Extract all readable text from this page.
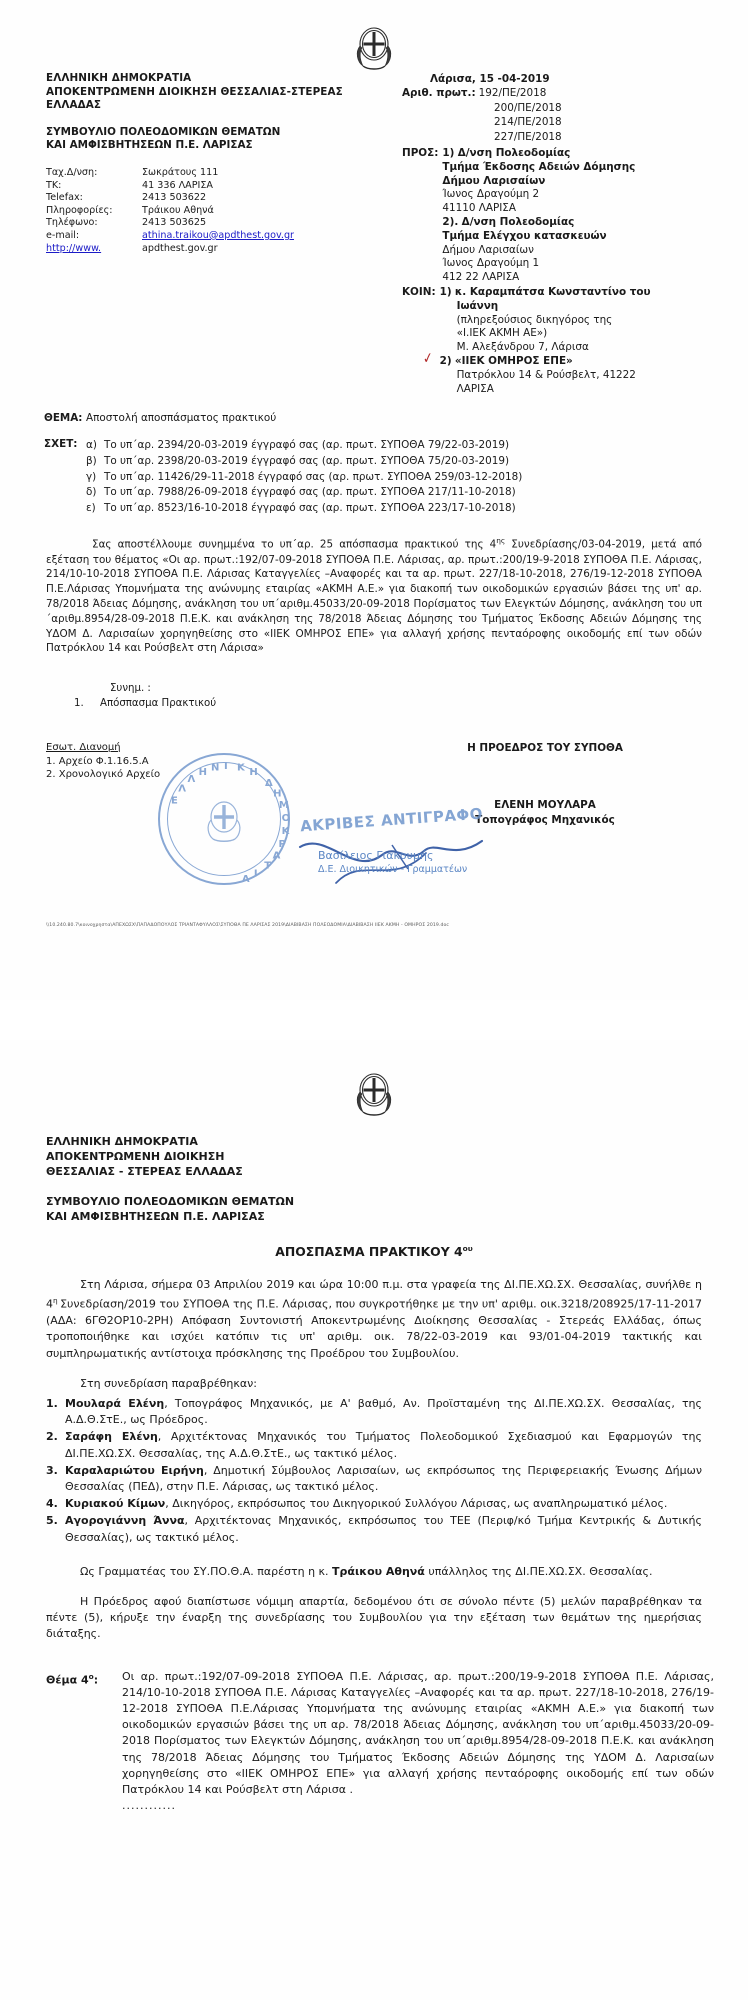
ΕΛΛΗΝΙΚΗ ΔΗΜΟΚΡΑΤΙΑ
ΑΠΟΚΕΝΤΡΩΜΕΝΗ ΔΙΟΙΚΗΣΗ ΘΕΣΣΑΛΙΑΣ-ΣΤΕΡΕΑΣ
ΕΛΛΑΔΑΣ
ΣΥΜΒΟΥΛΙΟ ΠΟΛΕΟΔΟΜΙΚΩΝ ΘΕΜΑΤΩΝ
ΚΑΙ ΑΜΦΙΣΒΗΤΗΣΕΩΝ Π.Ε. ΛΑΡΙΣΑΣ
Ταχ.Δ/νση:	Σωκράτους 111
ΤΚ:	41 336 ΛΑΡΙΣΑ
Telefax:	2413 503622
Πληροφορίες:	Τράικου Αθηνά
Τηλέφωνο:	2413 503625
e-mail:	athina.traikou@apdthest.gov.gr
http://www.	apdthest.gov.gr
Λάρισα, 15 -04-2019
Αριθ. πρωτ.: 192/ΠΕ/2018
200/ΠΕ/2018
214/ΠΕ/2018
227/ΠΕ/2018
ΠΡΟΣ: 1) Δ/νση Πολεοδομίας
Τμήμα Έκδοσης Αδειών Δόμησης
Δήμου Λαρισαίων
Ίωνος Δραγούμη 2
41110 ΛΑΡΙΣΑ
2). Δ/νση Πολεοδομίας
Τμήμα Ελέγχου κατασκευών
Δήμου Λαρισαίων
Ίωνος Δραγούμη 1
412 22 ΛΑΡΙΣΑ
ΚΟΙΝ: 1) κ. Καραμπάτσα Κωνσταντίνο του
Ιωάννη
(πληρεξούσιος δικηγόρος της
«Ι.ΙΕΚ ΑΚΜΗ ΑΕ»)
Μ. Αλεξάνδρου 7, Λάρισα
✓ 2) «ΙΙΕΚ ΟΜΗΡΟΣ ΕΠΕ»
Πατρόκλου 14 & Ρούσβελτ, 41222
ΛΑΡΙΣΑ
ΘΕΜΑ: Αποστολή αποσπάσματος πρακτικού
ΣΧΕΤ: α) Το υπ´αρ. 2394/20-03-2019 έγγραφό σας (αρ. πρωτ. ΣΥΠΟΘΑ 79/22-03-2019)
β) Το υπ´αρ. 2398/20-03-2019 έγγραφό σας (αρ. πρωτ. ΣΥΠΟΘΑ 75/20-03-2019)
γ) Το υπ´αρ. 11426/29-11-2018 έγγραφό σας (αρ. πρωτ. ΣΥΠΟΘΑ 259/03-12-2018)
δ) Το υπ´αρ. 7988/26-09-2018 έγγραφό σας (αρ. πρωτ. ΣΥΠΟΘΑ 217/11-10-2018)
ε) Το υπ´αρ. 8523/16-10-2018 έγγραφό σας (αρ. πρωτ. ΣΥΠΟΘΑ 223/17-10-2018)
Σας αποστέλλουμε συνημμένα το υπ´αρ. 25 απόσπασμα πρακτικού της $4^{\eta\varsigma}$ Συνεδρίασης/03-04-2019, μετά από εξέταση του θέματος «Οι αρ. πρωτ.:192/07-09-2018 ΣΥΠΟΘΑ Π.Ε. Λάρισας, αρ. πρωτ.:200/19-9-2018 ΣΥΠΟΘΑ Π.Ε. Λάρισας, 214/10-10-2018 ΣΥΠΟΘΑ Π.Ε. Λάρισας Καταγγελίες –Αναφορές και τα αρ. πρωτ. 227/18-10-2018, 276/19-12-2018 ΣΥΠΟΘΑ Π.Ε.Λάρισας Υπομνήματα της ανώνυμης εταιρίας «ΑΚΜΗ Α.Ε.» για διακοπή των οικοδομικών εργασιών βάσει της υπ' αρ. 78/2018 Άδειας Δόμησης, ανάκληση του υπ´αριθμ.45033/20-09-2018 Πορίσματος των Ελεγκτών Δόμησης, ανάκληση του υπ´αριθμ.8954/28-09-2018 Π.Ε.Κ. και ανάκληση της 78/2018 Άδειας Δόμησης του Τμήματος Έκδοσης Αδειών Δόμησης της ΥΔΟΜ Δ. Λαρισαίων χορηγηθείσης στο «ΙΙΕΚ ΟΜΗΡΟΣ ΕΠΕ» για αλλαγή χρήσης πενταόροφης οικοδομής επί των οδών Πατρόκλου 14 και Ρούσβελτ στη Λάρισα»
Συνημ. :
1.	Απόσπασμα Πρακτικού
Εσωτ. Διανομή
1. Αρχείο Φ.1.16.5.Α
2. Χρονολογικό Αρχείο
Ε
Λ
Λ
Η Ν Ι Κ Η
Δ
Η
Μ
Ο
Κ
Ρ
Α
Τ
Ι
Α
ΑΚΡΙΒΕΣ ΑΝΤΙΓΡΑΦΟ
Βασίλειος Γιακουμής
Δ.Ε. Διοικητικών - Γραμματέων
Η ΠΡΟΕΔΡΟΣ ΤΟΥ ΣΥΠΟΘΑ
ΕΛΕΝΗ ΜΟΥΛΑΡΑ
Τοπογράφος Μηχανικός
\\10.240.80.7\κοινοχρηστα\ΑΠΕΧΩΣΧ\ΠΑΠΑΔΟΠΟΥΛΟΣ ΤΡΙΑΝΤΑΦΥΛΛΟΣ\ΣΥΠΟΘΑ ΠΕ ΛΑΡΙΣΑΣ 2019\ΔΙΑΒΙΒΑΣΗ ΠΟΛΕΟΔΟΜΙΑ\ΔΙΑΒΙΒΑΣΗ ΙΙΕΚ ΑΚΜΗ - ΟΜΗΡΟΣ 2019.doc
ΕΛΛΗΝΙΚΗ ΔΗΜΟΚΡΑΤΙΑ
ΑΠΟΚΕΝΤΡΩΜΕΝΗ ΔΙΟΙΚΗΣΗ
ΘΕΣΣΑΛΙΑΣ - ΣΤΕΡΕΑΣ ΕΛΛΑΔΑΣ
ΣΥΜΒΟΥΛΙΟ ΠΟΛΕΟΔΟΜΙΚΩΝ ΘΕΜΑΤΩΝ
ΚΑΙ ΑΜΦΙΣΒΗΤΗΣΕΩΝ Π.Ε. ΛΑΡΙΣΑΣ
ΑΠΟΣΠΑΣΜΑ ΠΡΑΚΤΙΚΟΥ $4^{o\upsilon}$
Στη Λάρισα, σήμερα 03 Απριλίου 2019 και ώρα 10:00 π.μ. στα γραφεία της ΔΙ.ΠΕ.ΧΩ.ΣΧ. Θεσσαλίας, συνήλθε η $4^\eta$ Συνεδρίαση/2019 του ΣΥΠΟΘΑ της Π.Ε. Λάρισας, που συγκροτήθηκε με την υπ' αριθμ. οικ.3218/208925/17-11-2017 (ΑΔΑ: 6ΓΘ2ΟΡ10-2ΡΗ) Απόφαση Συντονιστή Αποκεντρωμένης Διοίκησης Θεσσαλίας - Στερεάς Ελλάδας, όπως τροποποιήθηκε και ισχύει κατόπιν τις υπ' αριθμ. οικ. 78/22-03-2019 και 93/01-04-2019 τακτικής και συμπληρωματικής αντίστοιχα πρόσκλησης της Προέδρου του Συμβουλίου.
Στη συνεδρίαση παραβρέθηκαν:
1. Μουλαρά Ελένη, Τοπογράφος Μηχανικός, με Α' βαθμό, Αν. Προϊσταμένη της ΔΙ.ΠΕ.ΧΩ.ΣΧ. Θεσσαλίας, της Α.Δ.Θ.ΣτΕ., ως Πρόεδρος.
2. Σαράφη Ελένη, Αρχιτέκτονας Μηχανικός του Τμήματος Πολεοδομικού Σχεδιασμού και Εφαρμογών της ΔΙ.ΠΕ.ΧΩ.ΣΧ. Θεσσαλίας, της Α.Δ.Θ.ΣτΕ., ως τακτικό μέλος.
3. Καραλαριώτου Ειρήνη, Δημοτική Σύμβουλος Λαρισαίων, ως εκπρόσωπος της Περιφερειακής Ένωσης Δήμων Θεσσαλίας (ΠΕΔ), στην Π.Ε. Λάρισας, ως τακτικό μέλος.
4. Κυριακού Κίμων, Δικηγόρος, εκπρόσωπος του Δικηγορικού Συλλόγου Λάρισας, ως αναπληρωματικό μέλος.
5. Αγορογιάννη Άννα, Αρχιτέκτονας Μηχανικός, εκπρόσωπος του ΤΕΕ (Περιφ/κό Τμήμα Κεντρικής & Δυτικής Θεσσαλίας), ως τακτικό μέλος.
Ως Γραμματέας του ΣΥ.ΠΟ.Θ.Α. παρέστη η κ. Τράικου Αθηνά υπάλληλος της ΔΙ.ΠΕ.ΧΩ.ΣΧ. Θεσσαλίας.
Η Πρόεδρος αφού διαπίστωσε νόμιμη απαρτία, δεδομένου ότι σε σύνολο πέντε (5) μελών παραβρέθηκαν τα πέντε (5), κήρυξε την έναρξη της συνεδρίασης του Συμβουλίου για την εξέταση των θεμάτων της ημερήσιας διάταξης.
Θέμα $4^o$:	Οι αρ. πρωτ.:192/07-09-2018 ΣΥΠΟΘΑ Π.Ε. Λάρισας, αρ. πρωτ.:200/19-9-2018 ΣΥΠΟΘΑ Π.Ε. Λάρισας, 214/10-10-2018 ΣΥΠΟΘΑ Π.Ε. Λάρισας Καταγγελίες –Αναφορές και τα αρ. πρωτ. 227/18-10-2018, 276/19-12-2018 ΣΥΠΟΘΑ Π.Ε.Λάρισας Υπομνήματα της ανώνυμης εταιρίας «ΑΚΜΗ Α.Ε.» για διακοπή των οικοδομικών εργασιών βάσει της υπ αρ. 78/2018 Άδειας Δόμησης, ανάκληση του υπ´αριθμ.45033/20-09-2018 Πορίσματος των Ελεγκτών Δόμησης, ανάκληση του υπ´αριθμ.8954/28-09-2018 Π.Ε.Κ. και ανάκληση της 78/2018 Άδειας Δόμησης του Τμήματος Έκδοσης Αδειών Δόμησης της ΥΔΟΜ Δ. Λαρισαίων χορηγηθείσης στο «ΙΙΕΚ ΟΜΗΡΟΣ ΕΠΕ» για αλλαγή χρήσης πενταόροφης οικοδομής επί των οδών Πατρόκλου 14 και Ρούσβελτ στη Λάρισα .
............
